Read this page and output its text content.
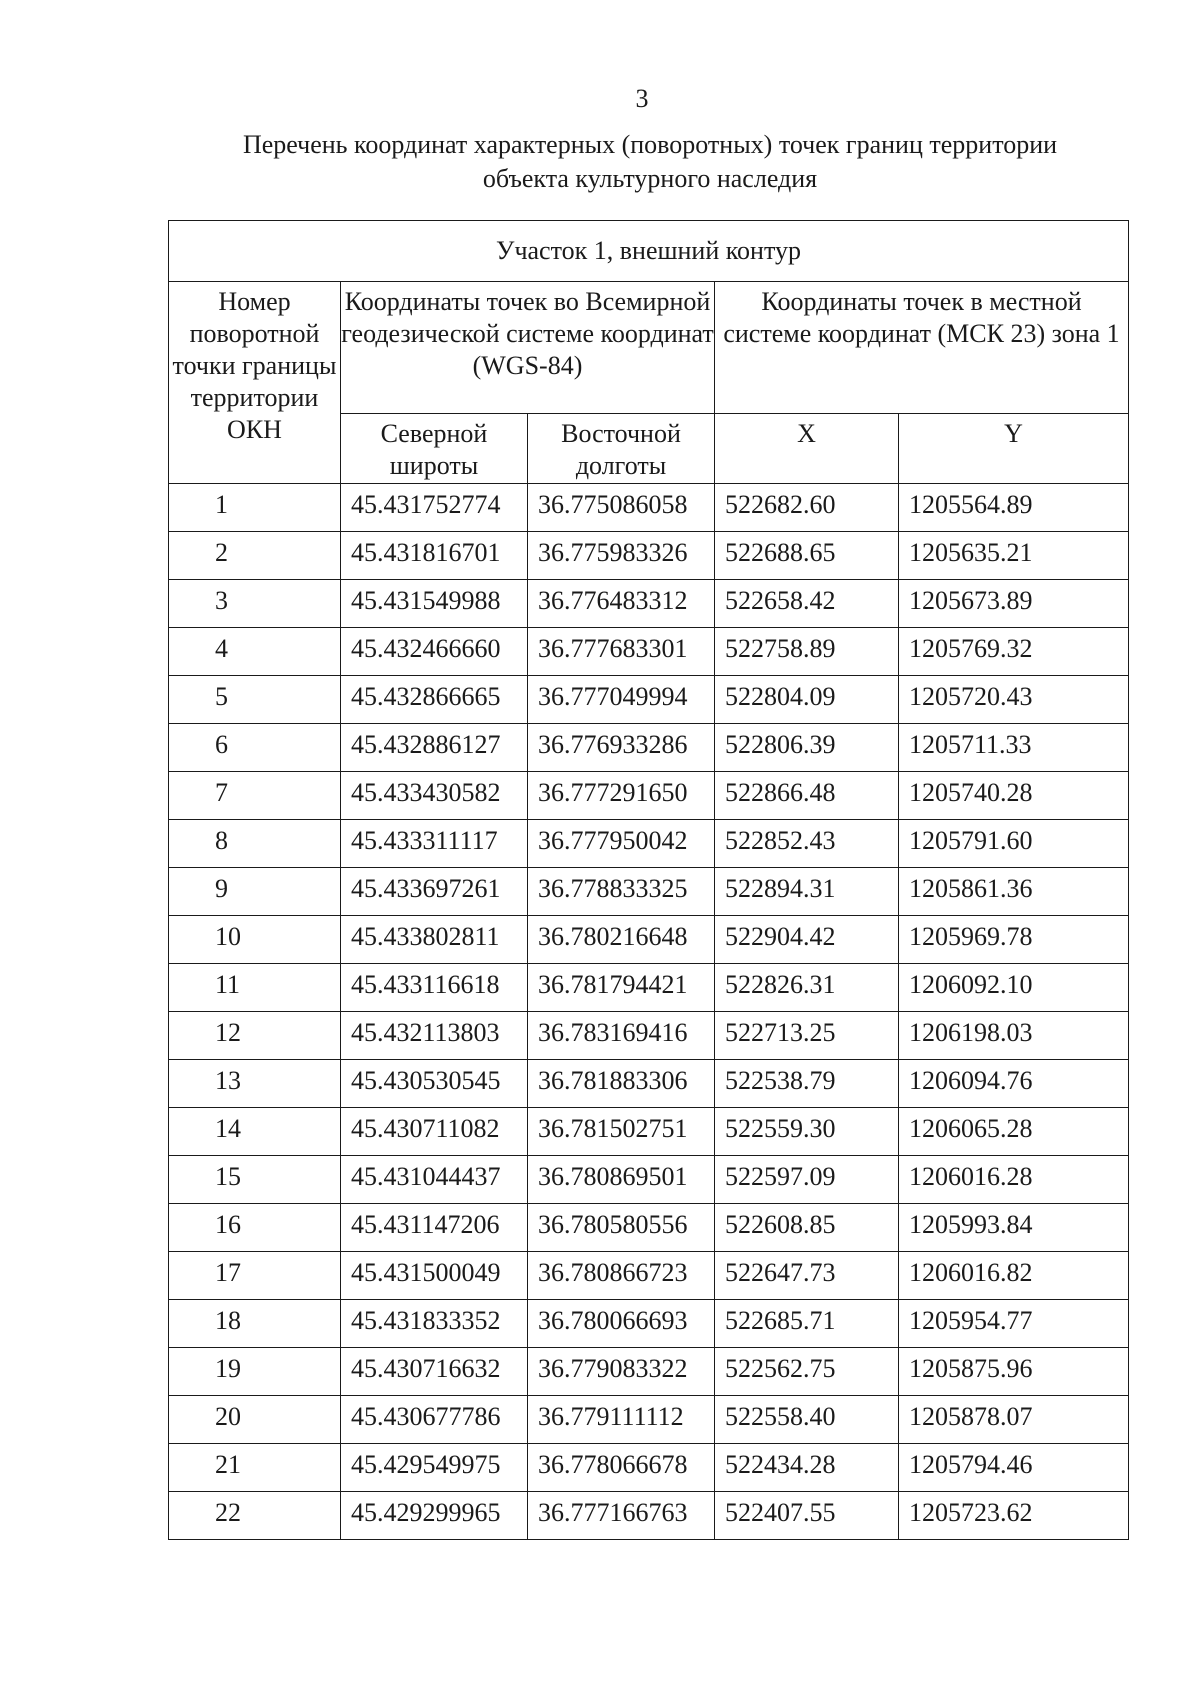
3
Перечень координат характерных (поворотных) точек границ территории
объекта культурного наследия
Участок 1, внешний контур				
Номер поворотной точки границы территории ОКН	Координаты точек во Всемирной геодезической системе координат (WGS-84)		Координаты точек в местной системе координат (МСК 23) зона 1	
	Северной широты	Восточной долготы	X	Y
1	45.431752774	36.775086058	522682.60	1205564.89
2	45.431816701	36.775983326	522688.65	1205635.21
3	45.431549988	36.776483312	522658.42	1205673.89
4	45.432466660	36.777683301	522758.89	1205769.32
5	45.432866665	36.777049994	522804.09	1205720.43
6	45.432886127	36.776933286	522806.39	1205711.33
7	45.433430582	36.777291650	522866.48	1205740.28
8	45.433311117	36.777950042	522852.43	1205791.60
9	45.433697261	36.778833325	522894.31	1205861.36
10	45.433802811	36.780216648	522904.42	1205969.78
11	45.433116618	36.781794421	522826.31	1206092.10
12	45.432113803	36.783169416	522713.25	1206198.03
13	45.430530545	36.781883306	522538.79	1206094.76
14	45.430711082	36.781502751	522559.30	1206065.28
15	45.431044437	36.780869501	522597.09	1206016.28
16	45.431147206	36.780580556	522608.85	1205993.84
17	45.431500049	36.780866723	522647.73	1206016.82
18	45.431833352	36.780066693	522685.71	1205954.77
19	45.430716632	36.779083322	522562.75	1205875.96
20	45.430677786	36.779111112	522558.40	1205878.07
21	45.429549975	36.778066678	522434.28	1205794.46
22	45.429299965	36.777166763	522407.55	1205723.62
